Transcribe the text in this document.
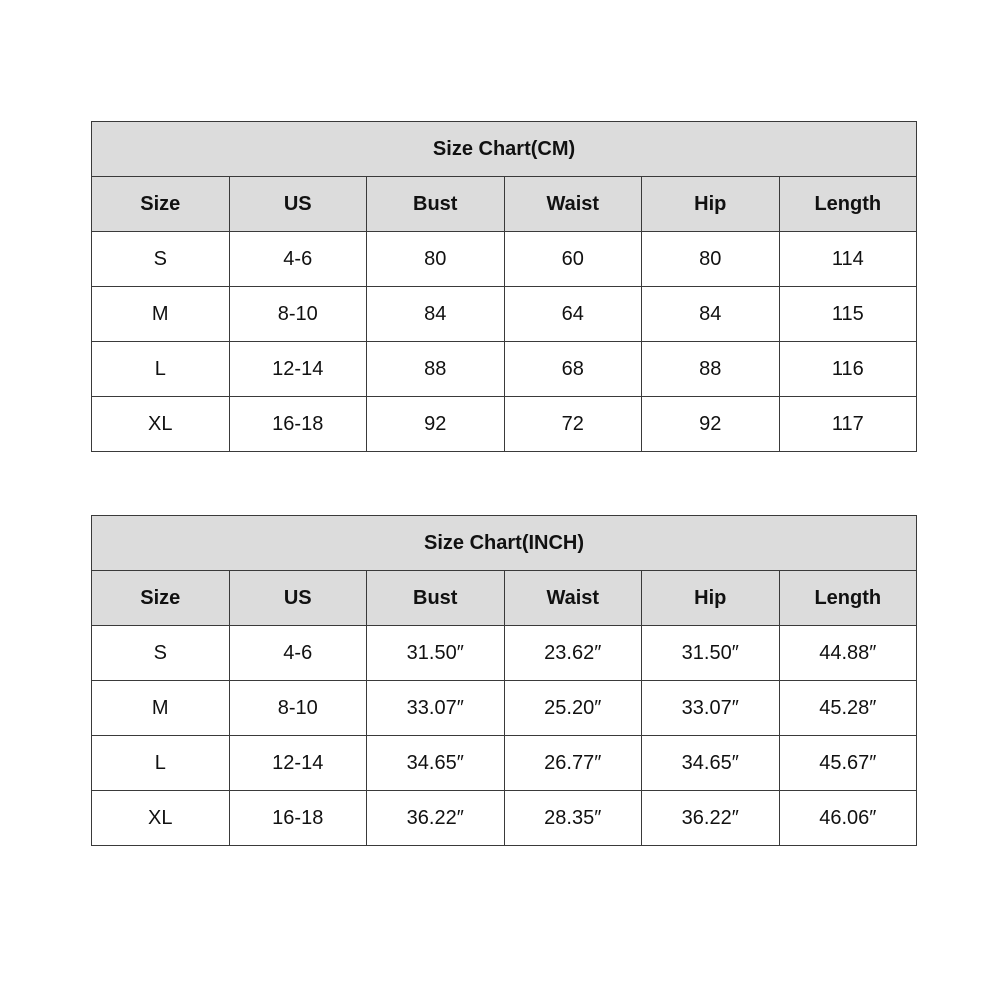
Size Chart(CM)					
Size	US	Bust	Waist	Hip	Length
S	4-6	80	60	80	114
M	8-10	84	64	84	115
L	12-14	88	68	88	116
XL	16-18	92	72	92	117
Size Chart(INCH)					
Size	US	Bust	Waist	Hip	Length
S	4-6	31.50″	23.62″	31.50″	44.88″
M	8-10	33.07″	25.20″	33.07″	45.28″
L	12-14	34.65″	26.77″	34.65″	45.67″
XL	16-18	36.22″	28.35″	36.22″	46.06″
